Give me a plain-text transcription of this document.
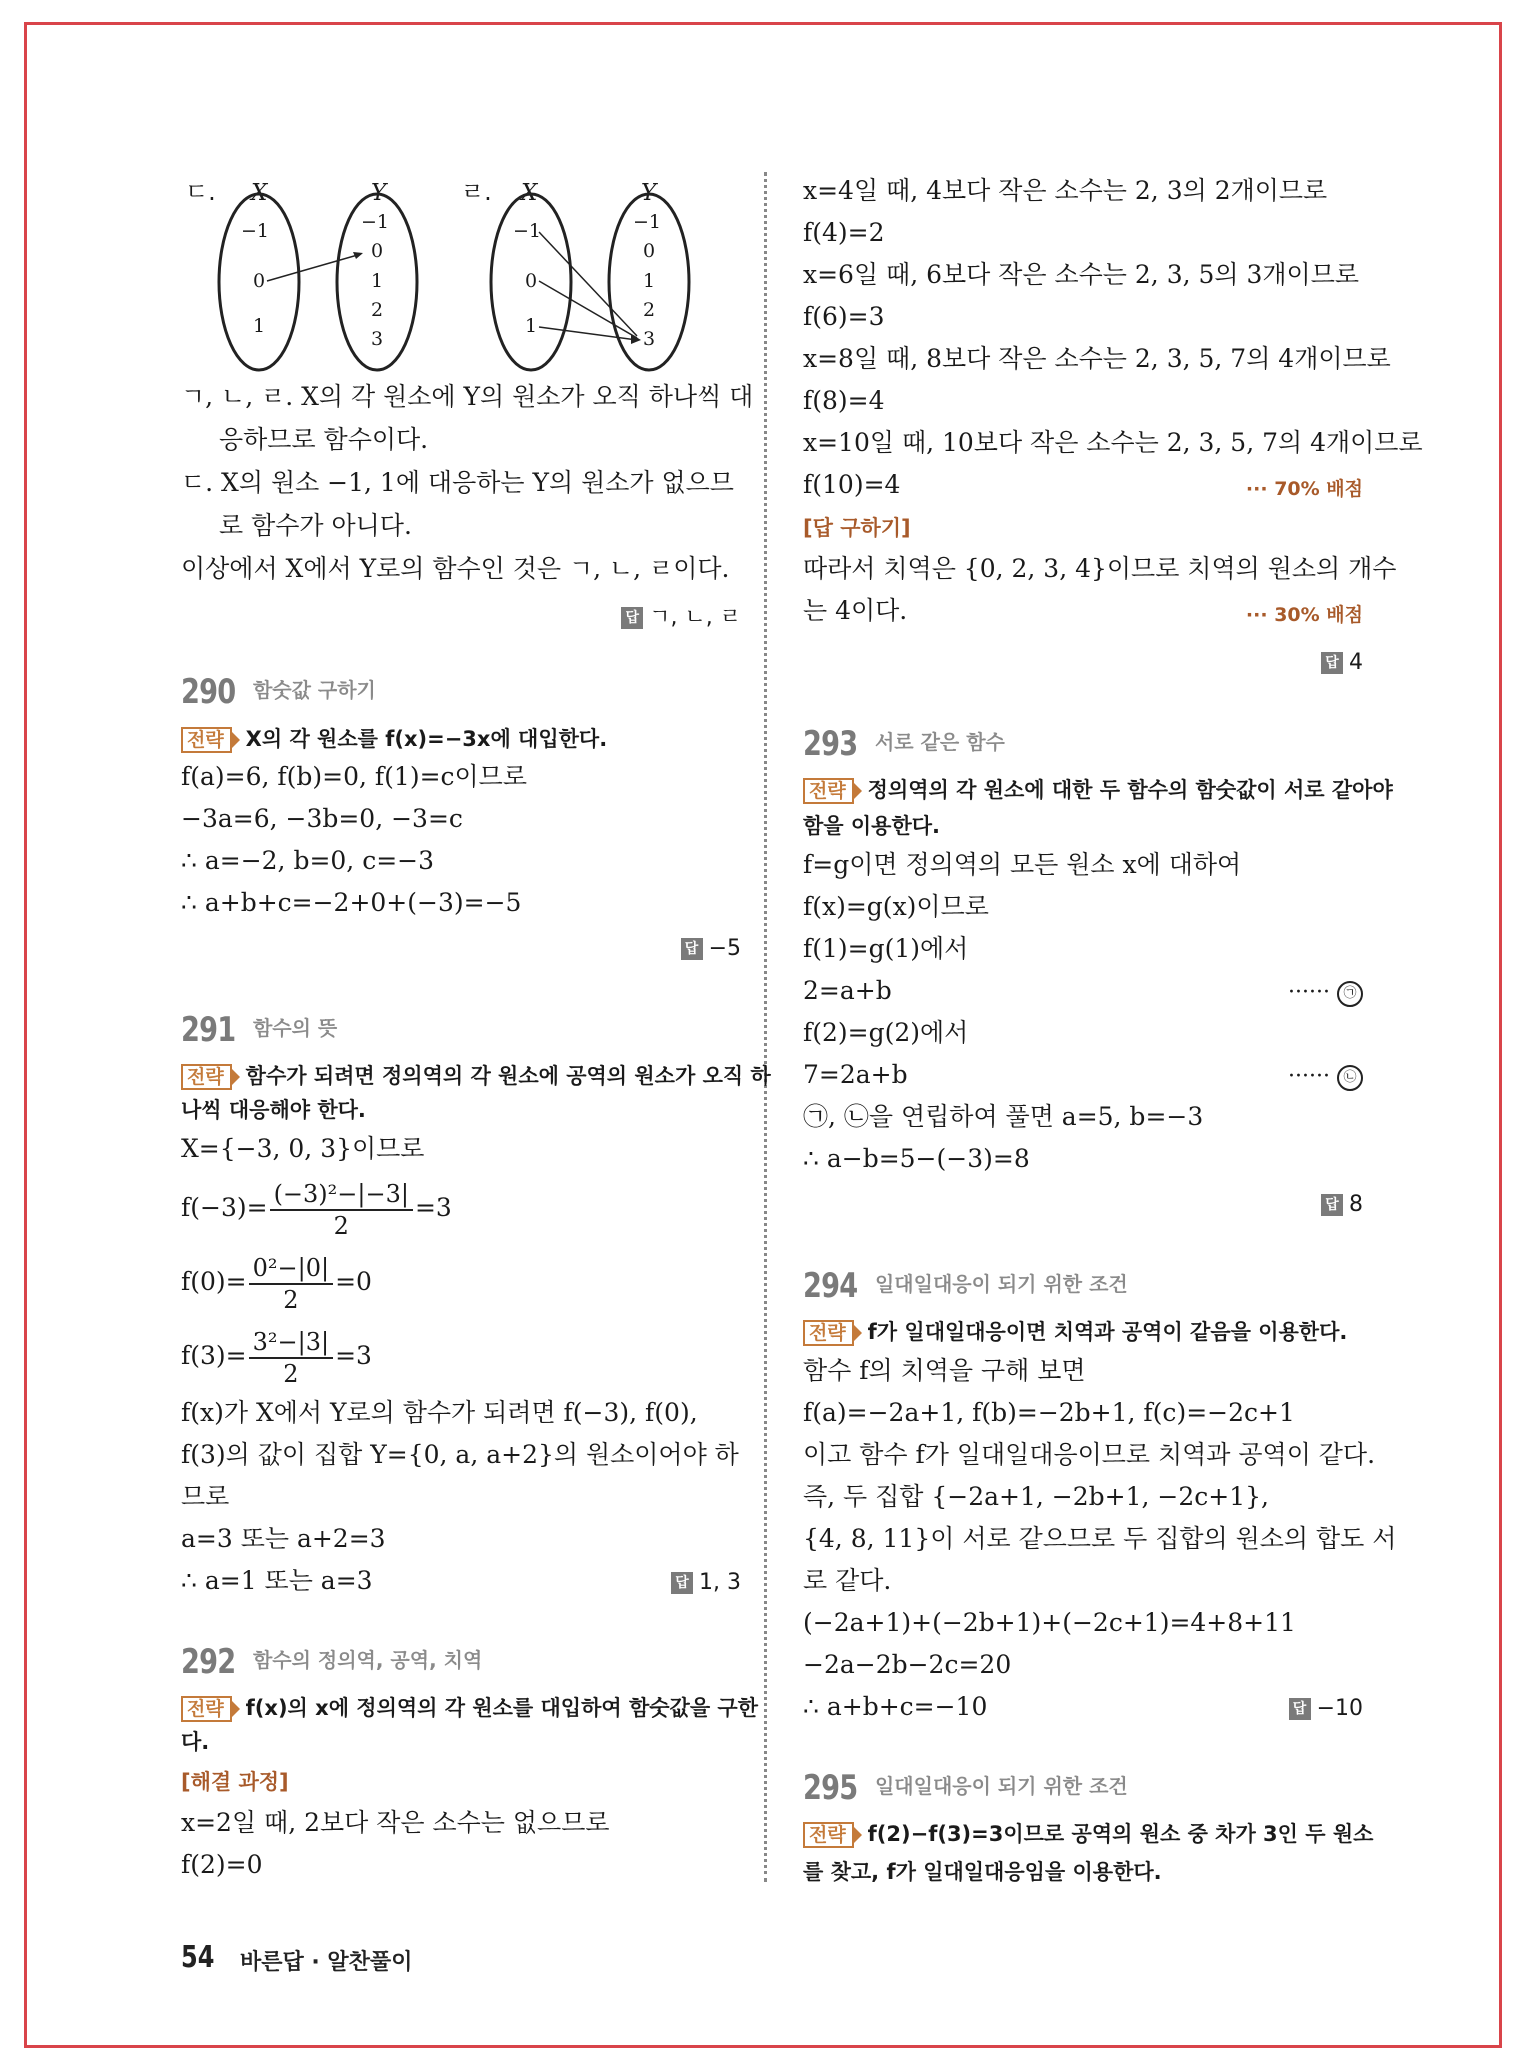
ㄷ. X	Y
−1
0
1
−1
0
1
2
3
ㄹ. X	Y
−1
0
1
−1
0
1
2
3
ㄱ, ㄴ, ㄹ. X의 각 원소에 Y의 원소가 오직 하나씩 대
응하므로 함수이다.
ㄷ. X의 원소 −1, 1에 대응하는 Y의 원소가 없으므
로 함수가 아니다.
이상에서 X에서 Y로의 함수인 것은 ㄱ, ㄴ, ㄹ이다.
답 ㄱ, ㄴ, ㄹ
290 함숫값 구하기
전략 X의 각 원소를 f(x)=−3x에 대입한다.
f(a)=6, f(b)=0, f(1)=c이므로
−3a=6, −3b=0, −3=c
∴ a=−2, b=0, c=−3
∴ a+b+c=−2+0+(−3)=−5
답 −5
291 함수의 뜻
전략 함수가 되려면 정의역의 각 원소에 공역의 원소가 오직 하
나씩 대응해야 한다.
X={−3, 0, 3}이므로
$f(-3)= \frac{\text{(−3)²−|−3|}}{2} =3$
$f(0)= \frac{\text{0²−|0|}}{2} =0$
$f(3)= \frac{\text{3²−|3|}}{2} =3$
f(x)가 X에서 Y로의 함수가 되려면 f(−3), f(0),
f(3)의 값이 집합 Y={0, a, a+2}의 원소이어야 하
므로
a=3 또는 a+2=3
∴ a=1 또는 a=3	답 1, 3
292 함수의 정의역, 공역, 치역
전략 f(x)의 x에 정의역의 각 원소를 대입하여 함숫값을 구한
다.
[해결 과정]
x=2일 때, 2보다 작은 소수는 없으므로
f(2)=0
x=4일 때, 4보다 작은 소수는 2, 3의 2개이므로
f(4)=2
x=6일 때, 6보다 작은 소수는 2, 3, 5의 3개이므로
f(6)=3
x=8일 때, 8보다 작은 소수는 2, 3, 5, 7의 4개이므로
f(8)=4
x=10일 때, 10보다 작은 소수는 2, 3, 5, 7의 4개이므로
f(10)=4	··· 70% 배점
[답 구하기]
따라서 치역은 {0, 2, 3, 4}이므로 치역의 원소의 개수
는 4이다.	··· 30% 배점
답 4
293 서로 같은 함수
전략 정의역의 각 원소에 대한 두 함수의 함숫값이 서로 같아야
함을 이용한다.
f=g이면 정의역의 모든 원소 x에 대하여
f(x)=g(x)이므로
f(1)=g(1)에서
2=a+b	······ ㉠
f(2)=g(2)에서
7=2a+b	······ ㉡
㉠, ㉡을 연립하여 풀면 a=5, b=−3
∴ a−b=5−(−3)=8
답 8
294 일대일대응이 되기 위한 조건
전략 f가 일대일대응이면 치역과 공역이 같음을 이용한다.
함수 f의 치역을 구해 보면
f(a)=−2a+1, f(b)=−2b+1, f(c)=−2c+1
이고 함수 f가 일대일대응이므로 치역과 공역이 같다.
즉, 두 집합 {−2a+1, −2b+1, −2c+1},
{4, 8, 11}이 서로 같으므로 두 집합의 원소의 합도 서
로 같다.
(−2a+1)+(−2b+1)+(−2c+1)=4+8+11
−2a−2b−2c=20
∴ a+b+c=−10	답 −10
295 일대일대응이 되기 위한 조건
전략 f(2)−f(3)=3이므로 공역의 원소 중 차가 3인 두 원소
를 찾고, f가 일대일대응임을 이용한다.
54 바른답 · 알찬풀이
